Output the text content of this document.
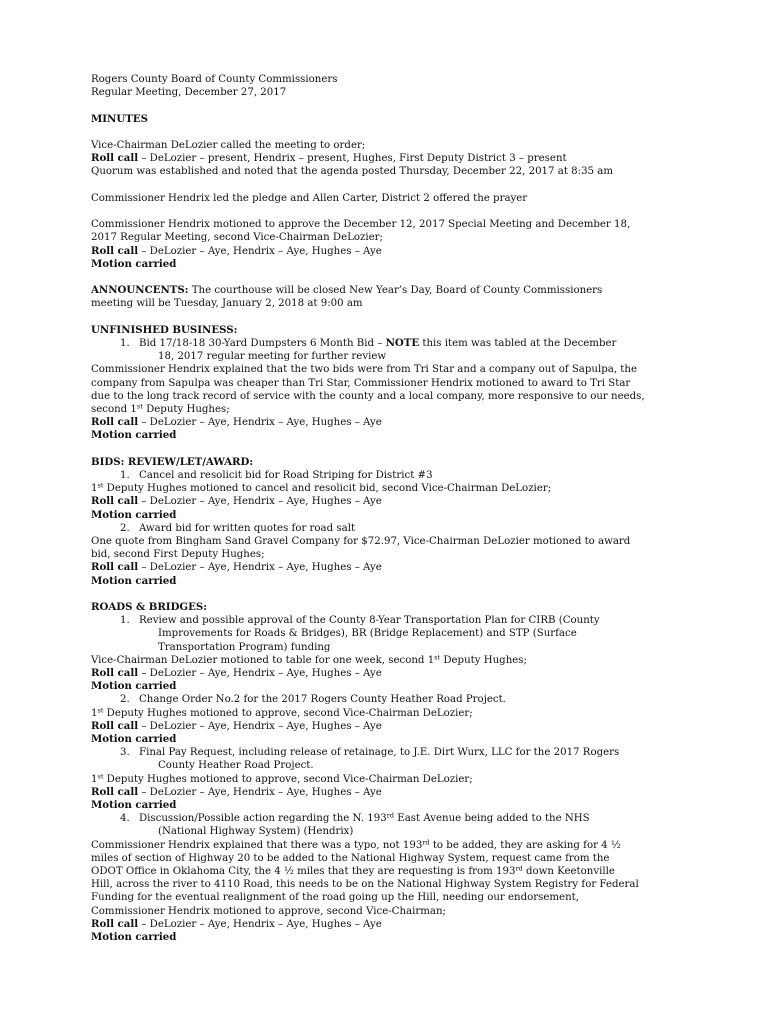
Rogers County Board of County Commissioners

Regular Meeting, December 27, 2017

MINUTES

Vice-Chairman DeLozier called the meeting to order;

Roll call – DeLozier – present, Hendrix – present, Hughes, First Deputy District 3 – present

Quorum was established and noted that the agenda posted Thursday, December 22, 2017 at 8:35 am

Commissioner Hendrix led the pledge and Allen Carter, District 2 offered the prayer

Commissioner Hendrix motioned to approve the December 12, 2017 Special Meeting and December 18,

2017 Regular Meeting, second Vice-Chairman DeLozier;

Roll call – DeLozier – Aye, Hendrix – Aye, Hughes – Aye

Motion carried

ANNOUNCENTS: The courthouse will be closed New Year’s Day, Board of County Commissioners

meeting will be Tuesday, January 2, 2018 at 9:00 am

UNFINISHED BUSINESS:

1. Bid 17/18-18 30-Yard Dumpsters 6 Month Bid – NOTE this item was tabled at the December

18, 2017 regular meeting for further review

Commissioner Hendrix explained that the two bids were from Tri Star and a company out of Sapulpa, the

company from Sapulpa was cheaper than Tri Star, Commissioner Hendrix motioned to award to Tri Star

due to the long track record of service with the county and a local company, more responsive to our needs,

second 1st Deputy Hughes;

Roll call – DeLozier – Aye, Hendrix – Aye, Hughes – Aye

Motion carried

BIDS: REVIEW/LET/AWARD:

1. Cancel and resolicit bid for Road Striping for District #3

1st Deputy Hughes motioned to cancel and resolicit bid, second Vice-Chairman DeLozier;

Roll call – DeLozier – Aye, Hendrix – Aye, Hughes – Aye

Motion carried

2. Award bid for written quotes for road salt

One quote from Bingham Sand Gravel Company for $72.97, Vice-Chairman DeLozier motioned to award

bid, second First Deputy Hughes;

Roll call – DeLozier – Aye, Hendrix – Aye, Hughes – Aye

Motion carried

ROADS & BRIDGES:

1. Review and possible approval of the County 8-Year Transportation Plan for CIRB (County

Improvements for Roads & Bridges), BR (Bridge Replacement) and STP (Surface

Transportation Program) funding

Vice-Chairman DeLozier motioned to table for one week, second 1st Deputy Hughes;

Roll call – DeLozier – Aye, Hendrix – Aye, Hughes – Aye

Motion carried

2. Change Order No.2 for the 2017 Rogers County Heather Road Project.

1st Deputy Hughes motioned to approve, second Vice-Chairman DeLozier;

Roll call – DeLozier – Aye, Hendrix – Aye, Hughes – Aye

Motion carried

3. Final Pay Request, including release of retainage, to J.E. Dirt Wurx, LLC for the 2017 Rogers

County Heather Road Project.

1st Deputy Hughes motioned to approve, second Vice-Chairman DeLozier;

Roll call – DeLozier – Aye, Hendrix – Aye, Hughes – Aye

Motion carried

4. Discussion/Possible action regarding the N. 193rd East Avenue being added to the NHS

(National Highway System) (Hendrix)

Commissioner Hendrix explained that there was a typo, not 193rd to be added, they are asking for 4 ½

miles of section of Highway 20 to be added to the National Highway System, request came from the

ODOT Office in Oklahoma City, the 4 ½ miles that they are requesting is from 193rd down Keetonville

Hill, across the river to 4110 Road, this needs to be on the National Highway System Registry for Federal

Funding for the eventual realignment of the road going up the Hill, needing our endorsement,

Commissioner Hendrix motioned to approve, second Vice-Chairman;

Roll call – DeLozier – Aye, Hendrix – Aye, Hughes – Aye

Motion carried
